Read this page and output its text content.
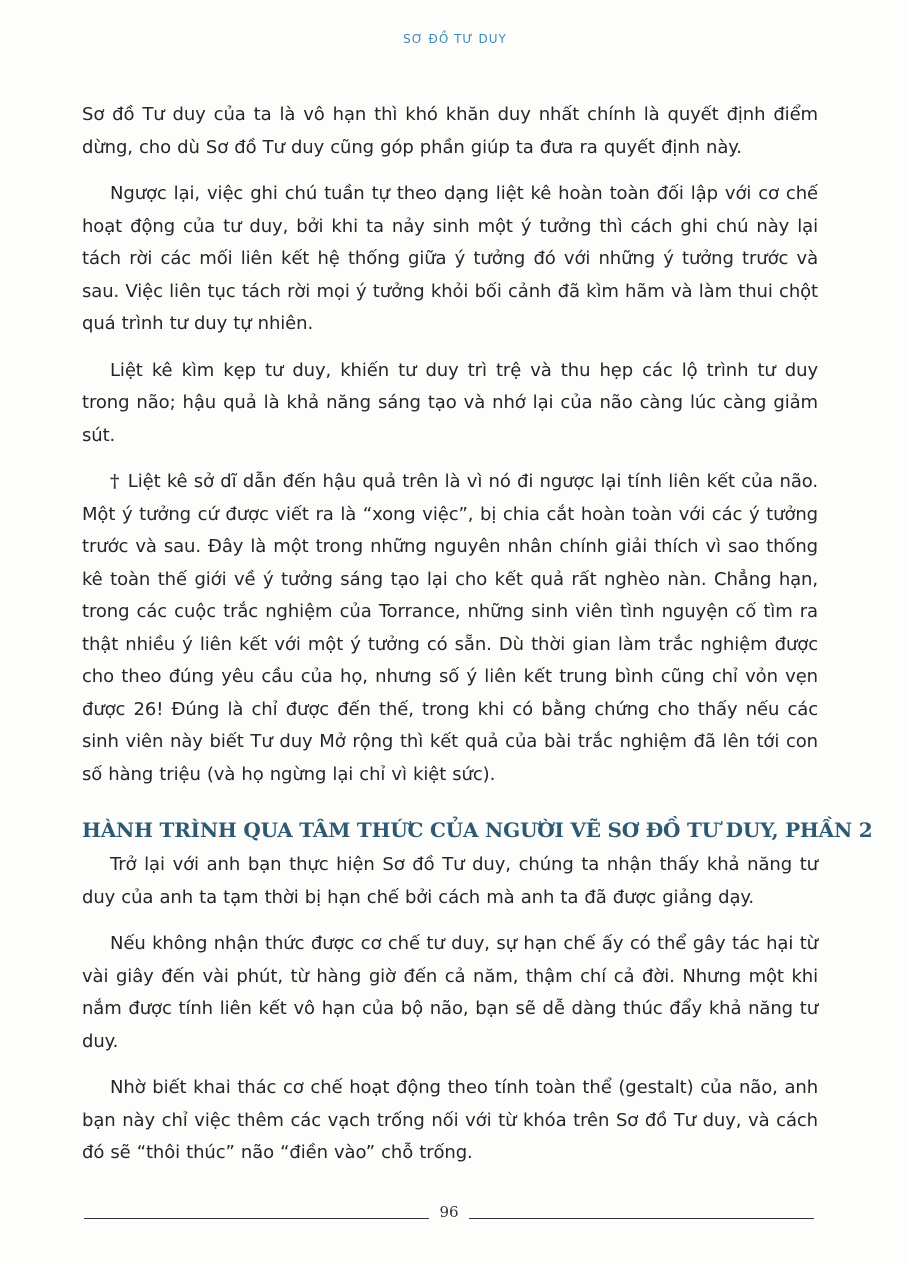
SƠ ĐỒ TƯ DUY

Sơ đồ Tư duy của ta là vô hạn thì khó khăn duy nhất chính là quyết định điểm dừng, cho dù Sơ đồ Tư duy cũng góp phần giúp ta đưa ra quyết định này.

Ngược lại, việc ghi chú tuần tự theo dạng liệt kê hoàn toàn đối lập với cơ chế hoạt động của tư duy, bởi khi ta nảy sinh một ý tưởng thì cách ghi chú này lại tách rời các mối liên kết hệ thống giữa ý tưởng đó với những ý tưởng trước và sau. Việc liên tục tách rời mọi ý tưởng khỏi bối cảnh đã kìm hãm và làm thui chột quá trình tư duy tự nhiên.

Liệt kê kìm kẹp tư duy, khiến tư duy trì trệ và thu hẹp các lộ trình tư duy trong não; hậu quả là khả năng sáng tạo và nhớ lại của não càng lúc càng giảm sút.

† Liệt kê sở dĩ dẫn đến hậu quả trên là vì nó đi ngược lại tính liên kết của não. Một ý tưởng cứ được viết ra là “xong việc”, bị chia cắt hoàn toàn với các ý tưởng trước và sau. Đây là một trong những nguyên nhân chính giải thích vì sao thống kê toàn thế giới về ý tưởng sáng tạo lại cho kết quả rất nghèo nàn. Chẳng hạn, trong các cuộc trắc nghiệm của Torrance, những sinh viên tình nguyện cố tìm ra thật nhiều ý liên kết với một ý tưởng có sẵn. Dù thời gian làm trắc nghiệm được cho theo đúng yêu cầu của họ, nhưng số ý liên kết trung bình cũng chỉ vỏn vẹn được 26! Đúng là chỉ được đến thế, trong khi có bằng chứng cho thấy nếu các sinh viên này biết Tư duy Mở rộng thì kết quả của bài trắc nghiệm đã lên tới con số hàng triệu (và họ ngừng lại chỉ vì kiệt sức).

HÀNH TRÌNH QUA TÂM THỨC CỦA NGƯỜI VẼ SƠ ĐỒ TƯ DUY, PHẦN 2

Trở lại với anh bạn thực hiện Sơ đồ Tư duy, chúng ta nhận thấy khả năng tư duy của anh ta tạm thời bị hạn chế bởi cách mà anh ta đã được giảng dạy.

Nếu không nhận thức được cơ chế tư duy, sự hạn chế ấy có thể gây tác hại từ vài giây đến vài phút, từ hàng giờ đến cả năm, thậm chí cả đời. Nhưng một khi nắm được tính liên kết vô hạn của bộ não, bạn sẽ dễ dàng thúc đẩy khả năng tư duy.

Nhờ biết khai thác cơ chế hoạt động theo tính toàn thể (gestalt) của não, anh bạn này chỉ việc thêm các vạch trống nối với từ khóa trên Sơ đồ Tư duy, và cách đó sẽ “thôi thúc” não “điền vào” chỗ trống.

96
